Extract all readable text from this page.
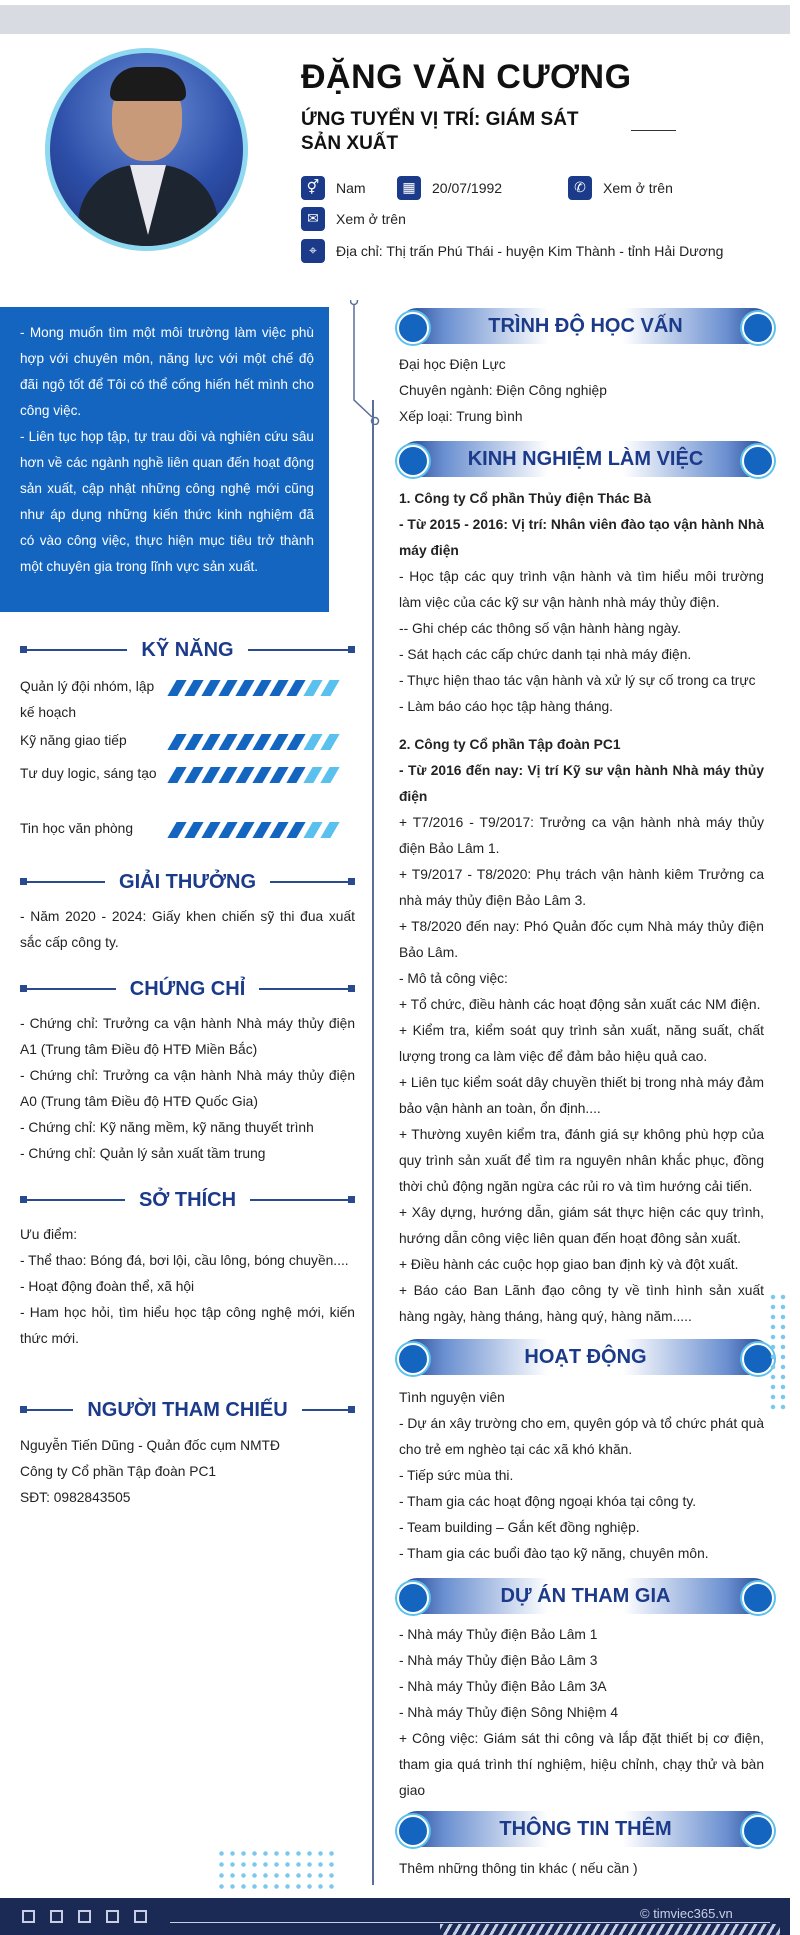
ĐẶNG VĂN CƯƠNG
ỨNG TUYỂN VỊ TRÍ: GIÁM SÁT SẢN XUẤT
⚥	Nam	▦	20/07/1992	✆	Xem ở trên
✉	Xem ở trên
⌖	Địa chỉ: Thị trấn Phú Thái - huyện Kim Thành - tỉnh Hải Dương

- Mong muốn tìm một môi trường làm việc phù hợp với chuyên môn, năng lực với một chế độ đãi ngộ tốt để Tôi có thể cống hiến hết mình cho công việc.

- Liên tục họp tập, tự trau dồi và nghiên cứu sâu hơn về các ngành nghề liên quan đến hoạt động sản xuất, cập nhật những công nghệ mới cũng như áp dụng những kiến thức kinh nghiệm đã có vào công việc, thực hiện mục tiêu trở thành một chuyên gia trong lĩnh vực sản xuất.

KỸ NĂNG
Quản lý đội nhóm, lập kế hoạch
Kỹ năng giao tiếp
Tư duy logic, sáng tạo
Tin học văn phòng
GIẢI THƯỞNG

- Năm 2020 - 2024: Giấy khen chiến sỹ thi đua xuất sắc cấp công ty.

CHỨNG CHỈ

- Chứng chỉ: Trưởng ca vận hành Nhà máy thủy điện A1 (Trung tâm Điều độ HTĐ Miền Bắc)

- Chứng chỉ: Trưởng ca vận hành Nhà máy thủy điện A0 (Trung tâm Điều độ HTĐ Quốc Gia)

- Chứng chỉ: Kỹ năng mềm, kỹ năng thuyết trình

- Chứng chỉ: Quản lý sản xuất tầm trung

SỞ THÍCH

Ưu điểm:

- Thể thao: Bóng đá, bơi lội, cầu lông, bóng chuyền....

- Hoạt động đoàn thể, xã hội

- Ham học hỏi, tìm hiểu học tập công nghệ mới, kiến thức mới.

NGƯỜI THAM CHIẾU

Nguyễn Tiến Dũng - Quản đốc cụm NMTĐ

Công ty Cổ phần Tập đoàn PC1

SĐT: 0982843505

TRÌNH ĐỘ HỌC VẤN

Đại học Điện Lực

Chuyên ngành: Điện Công nghiệp

Xếp loại: Trung bình

KINH NGHIỆM LÀM VIỆC

1. Công ty Cổ phần Thủy điện Thác Bà

- Từ 2015 - 2016: Vị trí: Nhân viên đào tạo vận hành Nhà máy điện

- Học tập các quy trình vận hành và tìm hiểu môi trường làm việc của các kỹ sư vận hành nhà máy thủy điện.

-- Ghi chép các thông số vận hành hàng ngày.

- Sát hạch các cấp chức danh tại nhà máy điện.

- Thực hiện thao tác vận hành và xử lý sự cố trong ca trực

- Làm báo cáo học tập hàng tháng.

2. Công ty Cổ phần Tập đoàn PC1

- Từ 2016 đến nay: Vị trí Kỹ sư vận hành Nhà máy thủy điện

+ T7/2016 - T9/2017: Trưởng ca vận hành nhà máy thủy điện Bảo Lâm 1.

+ T9/2017 - T8/2020: Phụ trách vận hành kiêm Trưởng ca nhà máy thủy điện Bảo Lâm 3.

+ T8/2020 đến nay: Phó Quản đốc cụm Nhà máy thủy điện Bảo Lâm.

- Mô tả công việc:

+ Tổ chức, điều hành các hoạt động sản xuất các NM điện.

+ Kiểm tra, kiểm soát quy trình sản xuất, năng suất, chất lượng trong ca làm việc để đảm bảo hiệu quả cao.

+ Liên tục kiểm soát dây chuyền thiết bị trong nhà máy đảm bảo vận hành an toàn, ổn định....

+ Thường xuyên kiểm tra, đánh giá sự không phù hợp của quy trình sản xuất để tìm ra nguyên nhân khắc phục, đồng thời chủ động ngăn ngừa các rủi ro và tìm hướng cải tiến.

+ Xây dựng, hướng dẫn, giám sát thực hiện các quy trình, hướng dẫn công việc liên quan đến hoạt đông sản xuất.

+ Điều hành các cuộc họp giao ban định kỳ và đột xuất.

+ Báo cáo Ban Lãnh đạo công ty về tình hình sản xuất hàng ngày, hàng tháng, hàng quý, hàng năm.....

HOẠT ĐỘNG

Tình nguyện viên

- Dự án xây trường cho em, quyên góp và tổ chức phát quà cho trẻ em nghèo tại các xã khó khăn.

- Tiếp sức mùa thi.

- Tham gia các hoạt động ngoại khóa tại công ty.

- Team building – Gắn kết đồng nghiệp.

- Tham gia các buổi đào tạo kỹ năng, chuyên môn.

DỰ ÁN THAM GIA

- Nhà máy Thủy điện Bảo Lâm 1

- Nhà máy Thủy điện Bảo Lâm 3

- Nhà máy Thủy điện Bảo Lâm 3A

- Nhà máy Thủy điện Sông Nhiệm 4

+ Công việc: Giám sát thi công và lắp đặt thiết bị cơ điện, tham gia quá trình thí nghiệm, hiệu chỉnh, chạy thử và bàn giao

THÔNG TIN THÊM
Thêm những thông tin khác ( nếu cần )
© timviec365.vn
